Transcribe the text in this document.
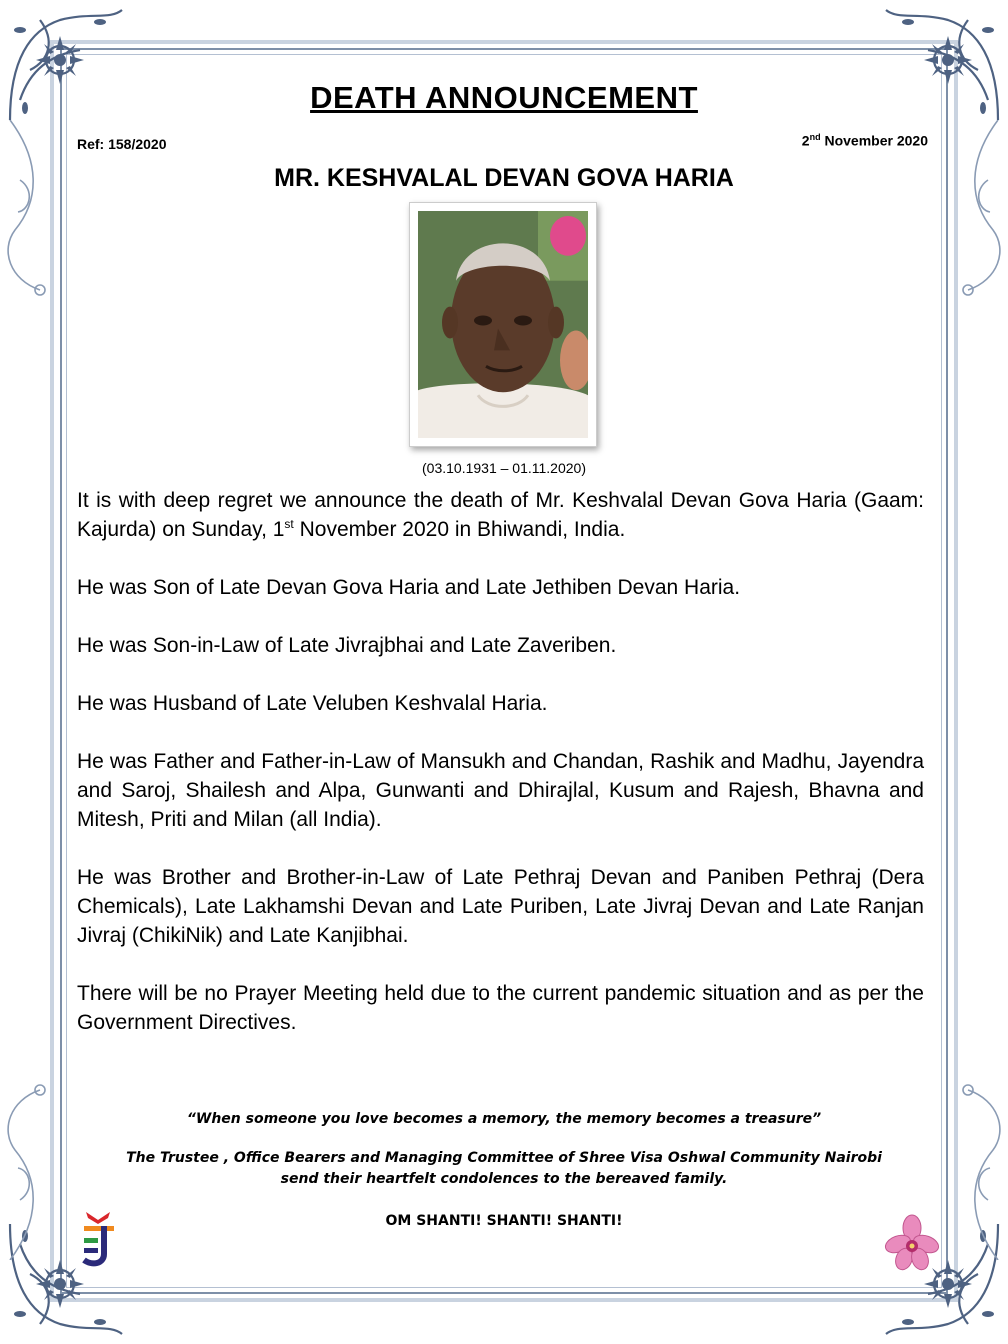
DEATH ANNOUNCEMENT
Ref: 158/2020	2nd November 2020
MR. KESHVALAL DEVAN GOVA HARIA
(03.10.1931 – 01.11.2020)

It is with deep regret we announce the death of Mr. Keshvalal Devan Gova Haria (Gaam: Kajurda) on Sunday, 1st November 2020 in Bhiwandi, India.

He was Son of Late Devan Gova Haria and Late Jethiben Devan Haria.

He was Son-in-Law of Late Jivrajbhai and Late Zaveriben.

He was Husband of Late Veluben Keshvalal Haria.

He was Father and Father-in-Law of Mansukh and Chandan, Rashik and Madhu, Jayendra and Saroj, Shailesh and Alpa, Gunwanti and Dhirajlal, Kusum and Rajesh, Bhavna and Mitesh, Priti and Milan (all India).

He was Brother and Brother-in-Law of Late Pethraj Devan and Paniben Pethraj (Dera Chemicals), Late Lakhamshi Devan and Late Puriben, Late Jivraj Devan and Late Ranjan Jivraj (ChikiNik) and Late Kanjibhai.

There will be no Prayer Meeting held due to the current pandemic situation and as per the Government Directives.

“When someone you love becomes a memory, the memory becomes a treasure”
The Trustee , Office Bearers and Managing Committee of Shree Visa Oshwal Community Nairobi
send their heartfelt condolences to the bereaved family.
OM SHANTI! SHANTI! SHANTI!
